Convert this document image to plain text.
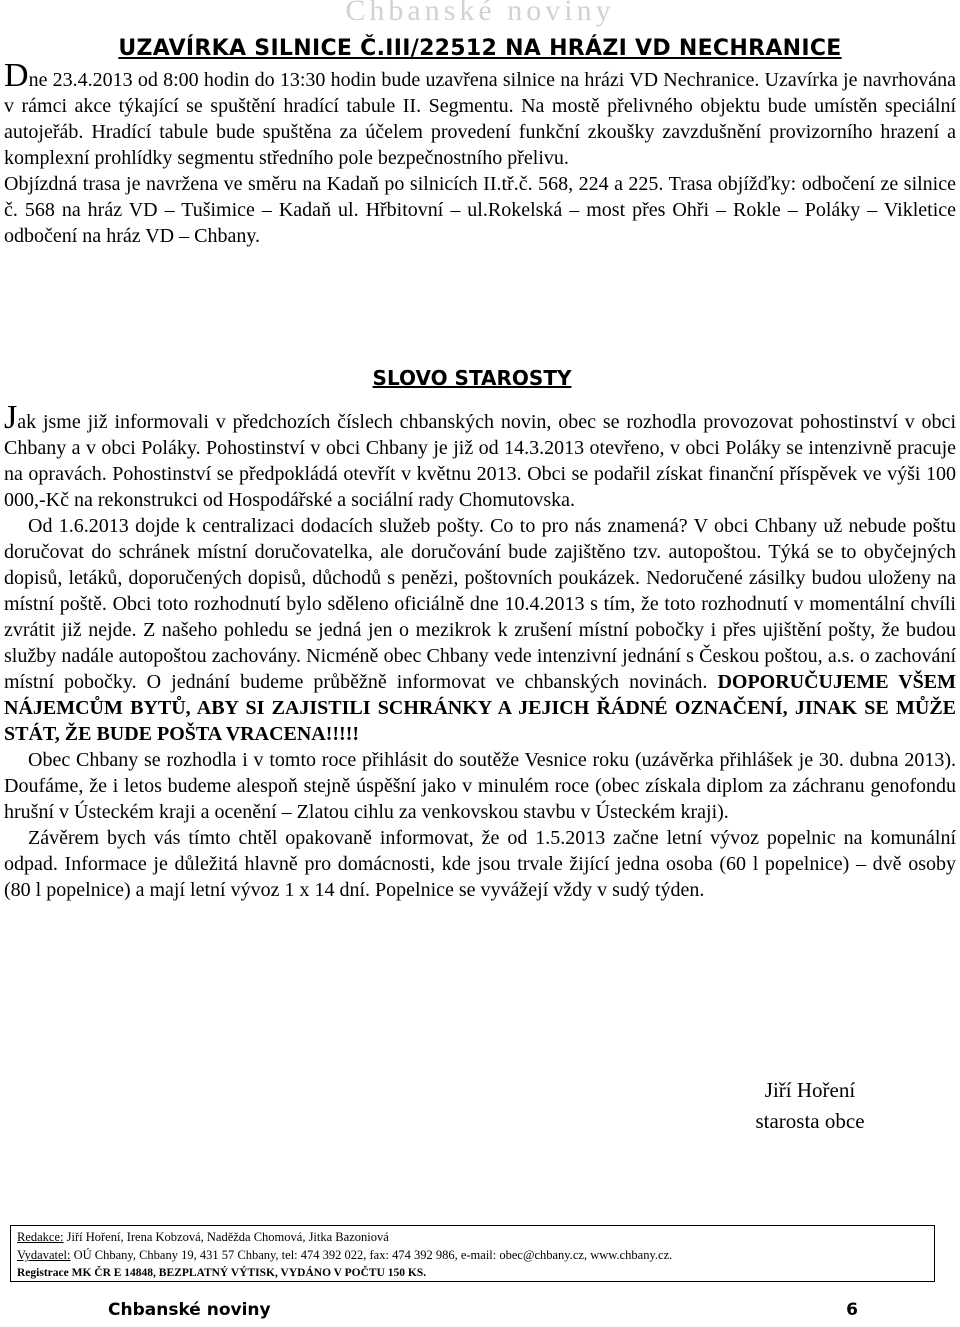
Chbanské noviny
UZAVÍRKA SILNICE Č.III/22512 NA HRÁZI VD NECHRANICE

Dne 23.4.2013 od 8:00 hodin do 13:30 hodin bude uzavřena silnice na hrázi VD Nechranice. Uzavírka je navrhována v rámci akce týkající se spuštění hradící tabule II. Segmentu. Na mostě přelivného objektu bude umístěn speciální autojeřáb. Hradící tabule bude spuštěna za účelem provedení funkční zkoušky zavzdušnění provizorního hrazení a komplexní prohlídky segmentu středního pole bezpečnostního přelivu.

Objízdná trasa je navržena ve směru na Kadaň po silnicích II.tř.č. 568, 224 a 225. Trasa objížďky: odbočení ze silnice č. 568 na hráz VD – Tušimice – Kadaň ul. Hřbitovní – ul.Rokelská – most přes Ohři – Rokle – Poláky – Vikletice odbočení na hráz VD – Chbany.

SLOVO STAROSTY

Jak jsme již informovali v předchozích číslech chbanských novin, obec se rozhodla provozovat pohostinství v obci Chbany a v obci Poláky. Pohostinství v obci Chbany je již od 14.3.2013 otevřeno, v obci Poláky se intenzivně pracuje na opravách. Pohostinství se předpokládá otevřít v květnu 2013. Obci se podařil získat finanční příspěvek ve výši 100 000,-Kč na rekonstrukci od Hospodářské a sociální rady Chomutovska.

Od 1.6.2013 dojde k centralizaci dodacích služeb pošty. Co to pro nás znamená? V obci Chbany už nebude poštu doručovat do schránek místní doručovatelka, ale doručování bude zajištěno tzv. autopoštou. Týká se to obyčejných dopisů, letáků, doporučených dopisů, důchodů s penězi, poštovních poukázek. Nedoručené zásilky budou uloženy na místní poště. Obci toto rozhodnutí bylo sděleno oficiálně dne 10.4.2013 s tím, že toto rozhodnutí v momentální chvíli zvrátit již nejde. Z našeho pohledu se jedná jen o mezikrok k zrušení místní pobočky i přes ujištění pošty, že budou služby nadále autopoštou zachovány. Nicméně obec Chbany vede intenzivní jednání s Českou poštou, a.s. o zachování místní pobočky. O jednání budeme průběžně informovat ve chbanských novinách. DOPORUČUJEME VŠEM NÁJEMCŮM BYTŮ, ABY SI ZAJISTILI SCHRÁNKY A JEJICH ŘÁDNÉ OZNAČENÍ, JINAK SE MŮŽE STÁT, ŽE BUDE POŠTA VRACENA!!!!!

Obec Chbany se rozhodla i v tomto roce přihlásit do soutěže Vesnice roku (uzávěrka přihlášek je 30. dubna 2013). Doufáme, že i letos budeme alespoň stejně úspěšní jako v minulém roce (obec získala diplom za záchranu genofondu hrušní v Ústeckém kraji a ocenění – Zlatou cihlu za venkovskou stavbu v Ústeckém kraji).

Závěrem bych vás tímto chtěl opakovaně informovat, že od 1.5.2013 začne letní vývoz popelnic na komunální odpad. Informace je důležitá hlavně pro domácnosti, kde jsou trvale žijící jedna osoba (60 l popelnice) – dvě osoby (80 l popelnice) a mají letní vývoz 1 x 14 dní. Popelnice se vyvážejí vždy v sudý týden.

Jiří Hoření
starosta obce
Redakce: Jiří Hoření, Irena Kobzová, Naděžda Chomová, Jitka Bazoniová
Vydavatel: OÚ Chbany, Chbany 19, 431 57 Chbany, tel: 474 392 022, fax: 474 392 986, e-mail: obec@chbany.cz, www.chbany.cz.
Registrace MK ČR E 14848, BEZPLATNÝ VÝTISK, VYDÁNO V POČTU 150 KS.
Chbanské noviny	6
